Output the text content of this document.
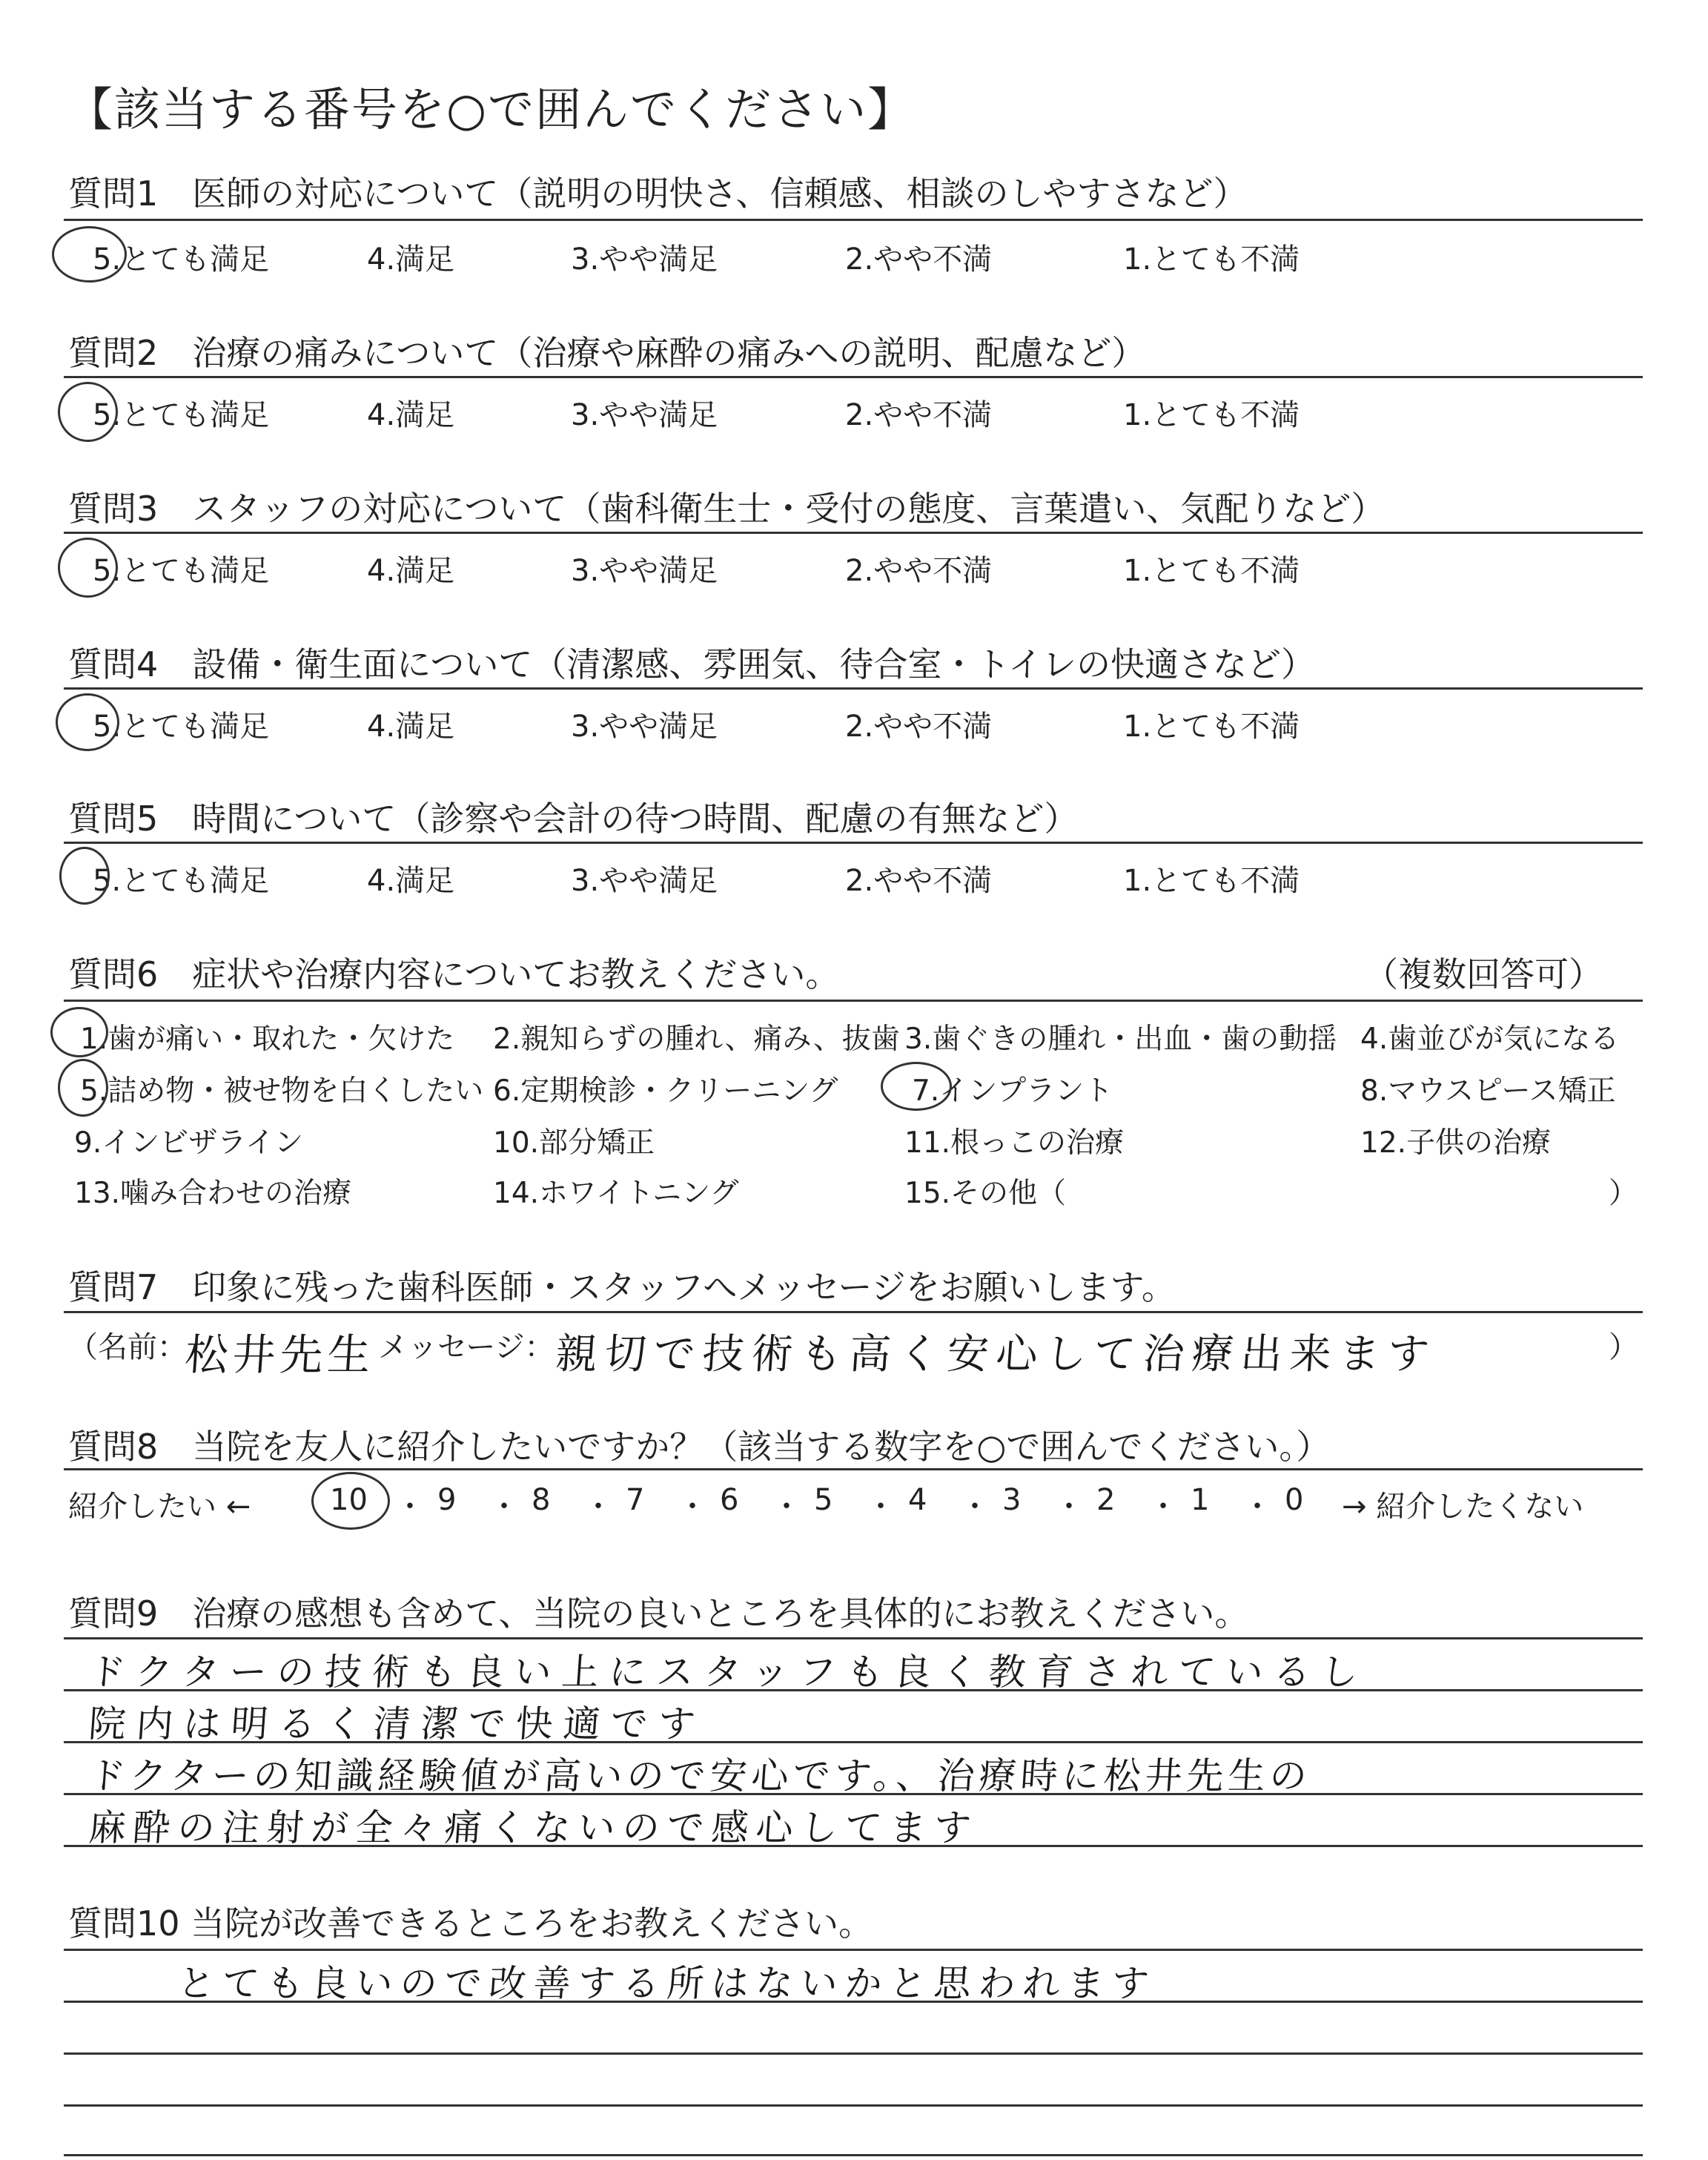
【該当する番号を○で囲んでください】
質問1　医師の対応について（説明の明快さ、信頼感、相談のしやすさなど）
5.とても満足	4.満足	3.やや満足	2.やや不満	1.とても不満
質問2　治療の痛みについて（治療や麻酔の痛みへの説明、配慮など）
5.とても満足	4.満足	3.やや満足	2.やや不満	1.とても不満
質問3　スタッフの対応について（歯科衛生士・受付の態度、言葉遣い、気配りなど）
5.とても満足	4.満足	3.やや満足	2.やや不満	1.とても不満
質問4　設備・衛生面について（清潔感、雰囲気、待合室・トイレの快適さなど）
5.とても満足	4.満足	3.やや満足	2.やや不満	1.とても不満
質問5　時間について（診察や会計の待つ時間、配慮の有無など）
5.とても満足	4.満足	3.やや満足	2.やや不満	1.とても不満
質問6　症状や治療内容についてお教えください。	（複数回答可）
1.歯が痛い・取れた・欠けた 2.親知らずの腫れ、痛み、抜歯 3.歯ぐきの腫れ・出血・歯の動揺 4.歯並びが気になる
5.詰め物・被せ物を白くしたい 6.定期検診・クリーニング	7.インプラント	8.マウスピース矯正
9.インビザライン	10.部分矯正	11.根っこの治療	12.子供の治療
13.噛み合わせの治療	14.ホワイトニング	15.その他（	）
質問7　印象に残った歯科医師・スタッフへメッセージをお願いします。
（名前：
松井先生 メッセージ： 親切で技術も高く安心して治療出来ます	）
質問8　当院を友人に紹介したいですか？（該当する数字を○で囲んでください。）
紹介したい ←	→ 紹介したくない
10 ・ 9 ・ 8 ・ 7 ・ 6 ・ 5 ・ 4 ・ 3 ・ 2 ・ 1 ・ 0
質問9　治療の感想も含めて、当院の良いところを具体的にお教えください。
ドクターの技術も良い上にスタッフも良く教育されているし
院内は明るく清潔で快適です
ドクターの知識経験値が高いので安心です。、治療時に松井先生の
麻酔の注射が全々痛くないので感心してます
質問10 当院が改善できるところをお教えください。
とても良いので改善する所はないかと思われます
